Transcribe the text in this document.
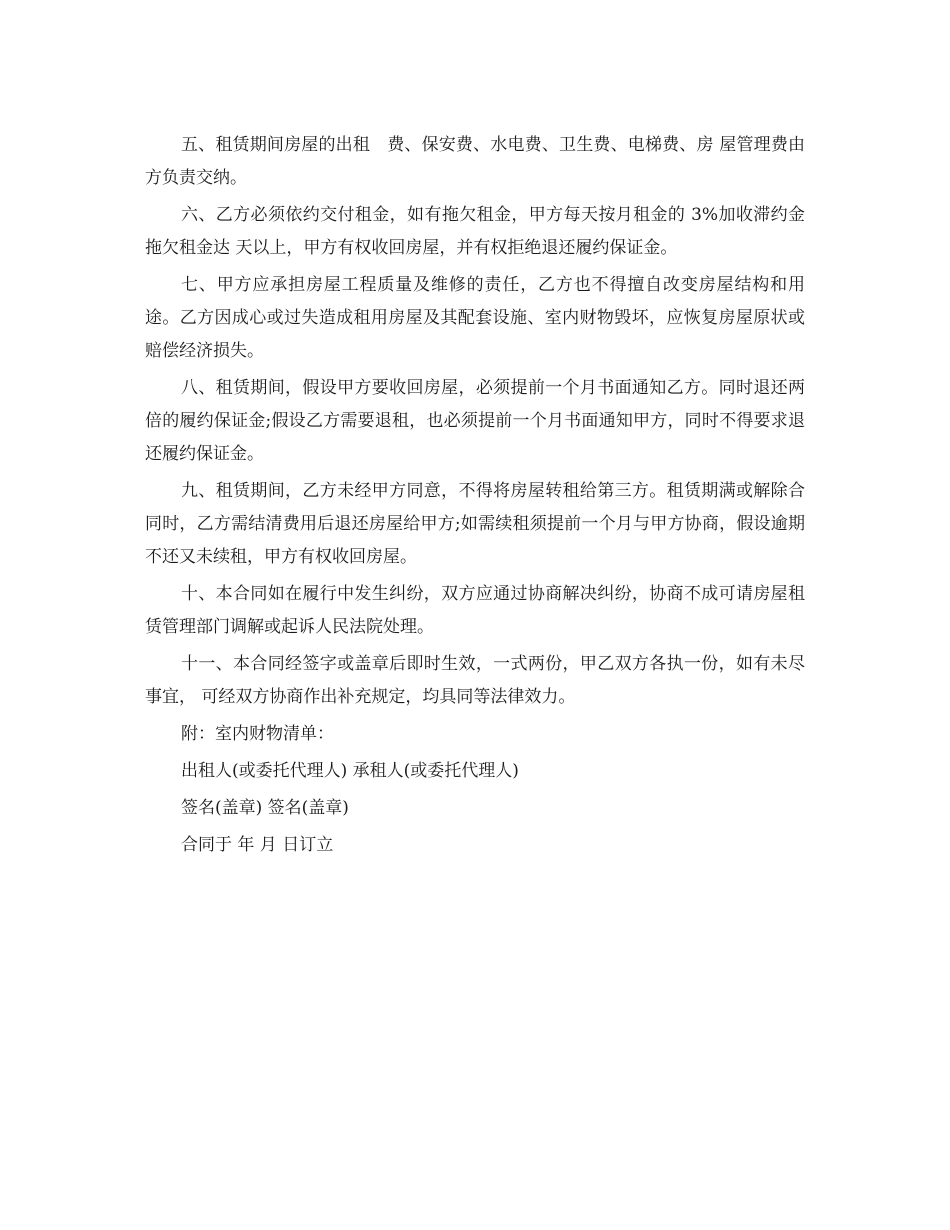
五、租赁期间房屋的出租　费、保安费、水电费、卫生费、电梯费、房 屋管理费由 方负责交纳。

六、乙方必须依约交付租金，如有拖欠租金，甲方每天按月租金的 3%加收滞约金拖欠租金达 天以上，甲方有权收回房屋，并有权拒绝退还履约保证金。

七、甲方应承担房屋工程质量及维修的责任，乙方也不得擅自改变房屋结构和用途。乙方因成心或过失造成租用房屋及其配套设施、室内财物毁坏，应恢复房屋原状或赔偿经济损失。

八、租赁期间，假设甲方要收回房屋，必须提前一个月书面通知乙方。同时退还两倍的履约保证金;假设乙方需要退租，也必须提前一个月书面通知甲方，同时不得要求退还履约保证金。

九、租赁期间，乙方未经甲方同意，不得将房屋转租给第三方。租赁期满或解除合同时，乙方需结清费用后退还房屋给甲方;如需续租须提前一个月与甲方协商，假设逾期不还又未续租，甲方有权收回房屋。

十、本合同如在履行中发生纠纷，双方应通过协商解决纠纷，协商不成可请房屋租赁管理部门调解或起诉人民法院处理。

十一、本合同经签字或盖章后即时生效，一式两份，甲乙双方各执一份，如有未尽事宜， 可经双方协商作出补充规定，均具同等法律效力。

附：室内财物清单：

出租人(或委托代理人) 承租人(或委托代理人)

签名(盖章) 签名(盖章)

合同于 年 月 日订立
